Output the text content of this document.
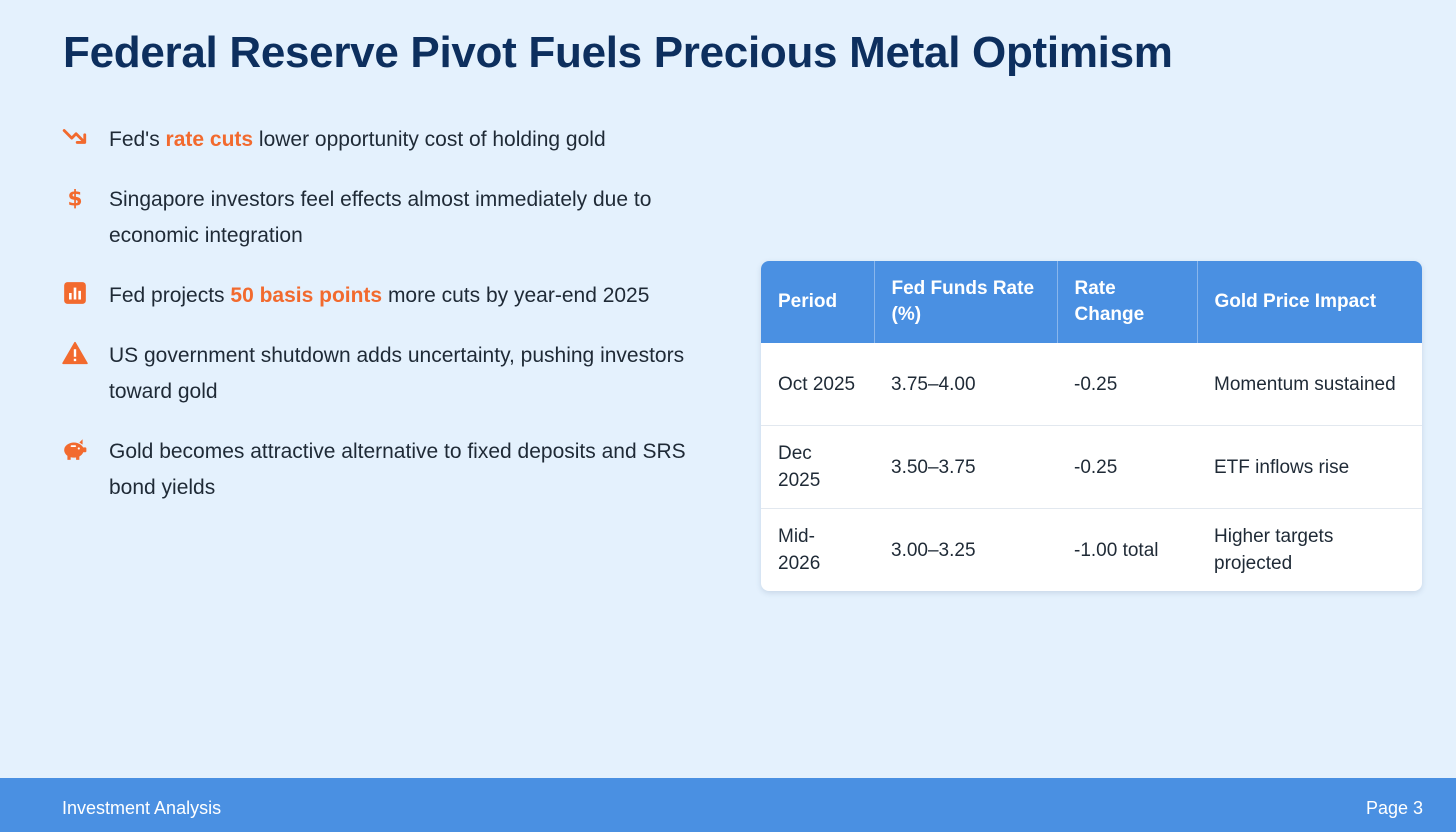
Federal Reserve Pivot Fuels Precious Metal Optimism
Fed's rate cuts lower opportunity cost of holding gold
$ Singapore investors feel effects almost immediately due to economic integration
Fed projects 50 basis points more cuts by year-end 2025
US government shutdown adds uncertainty, pushing investors toward gold
Gold becomes attractive alternative to fixed deposits and SRS bond yields
Period	Fed Funds Rate (%)	Rate Change	Gold Price Impact
Oct 2025	3.75–4.00	-0.25	Momentum sustained
Dec 2025	3.50–3.75	-0.25	ETF inflows rise
Mid-2026	3.00–3.25	-1.00 total	Higher targets projected
Investment Analysis	Page 3
